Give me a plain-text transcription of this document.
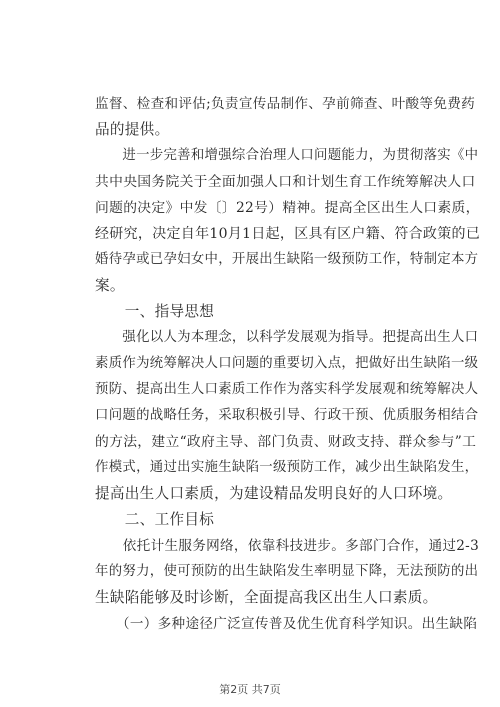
监督、检查和评估;负责宣传品制作、孕前筛查、叶酸等免费药
品的提供。
　　进一步完善和增强综合治理人口问题能力，为贯彻落实《中
共中央国务院关于全面加强人口和计划生育工作统筹解决人口
问题的决定》中发〔〕22号）精神。提高全区出生人口素质，
经研究，决定自年10月1日起，区具有区户籍、符合政策的已
婚待孕或已孕妇女中，开展出生缺陷一级预防工作，特制定本方
案。
　　一、指导思想
　　强化以人为本理念，以科学发展观为指导。把提高出生人口
素质作为统筹解决人口问题的重要切入点，把做好出生缺陷一级
预防、提高出生人口素质工作作为落实科学发展观和统筹解决人
口问题的战略任务，采取积极引导、行政干预、优质服务相结合
的方法，建立“政府主导、部门负责、财政支持、群众参与”工
作模式，通过出实施生缺陷一级预防工作，减少出生缺陷发生，
提高出生人口素质，为建设精品发明良好的人口环境。
　　二、工作目标
　　依托计生服务网络，依靠科技进步。多部门合作，通过2-3
年的努力，使可预防的出生缺陷发生率明显下降，无法预防的出
生缺陷能够及时诊断，全面提高我区出生人口素质。
　　（一）多种途径广泛宣传普及优生优育科学知识。出生缺陷
第2页 共7页
